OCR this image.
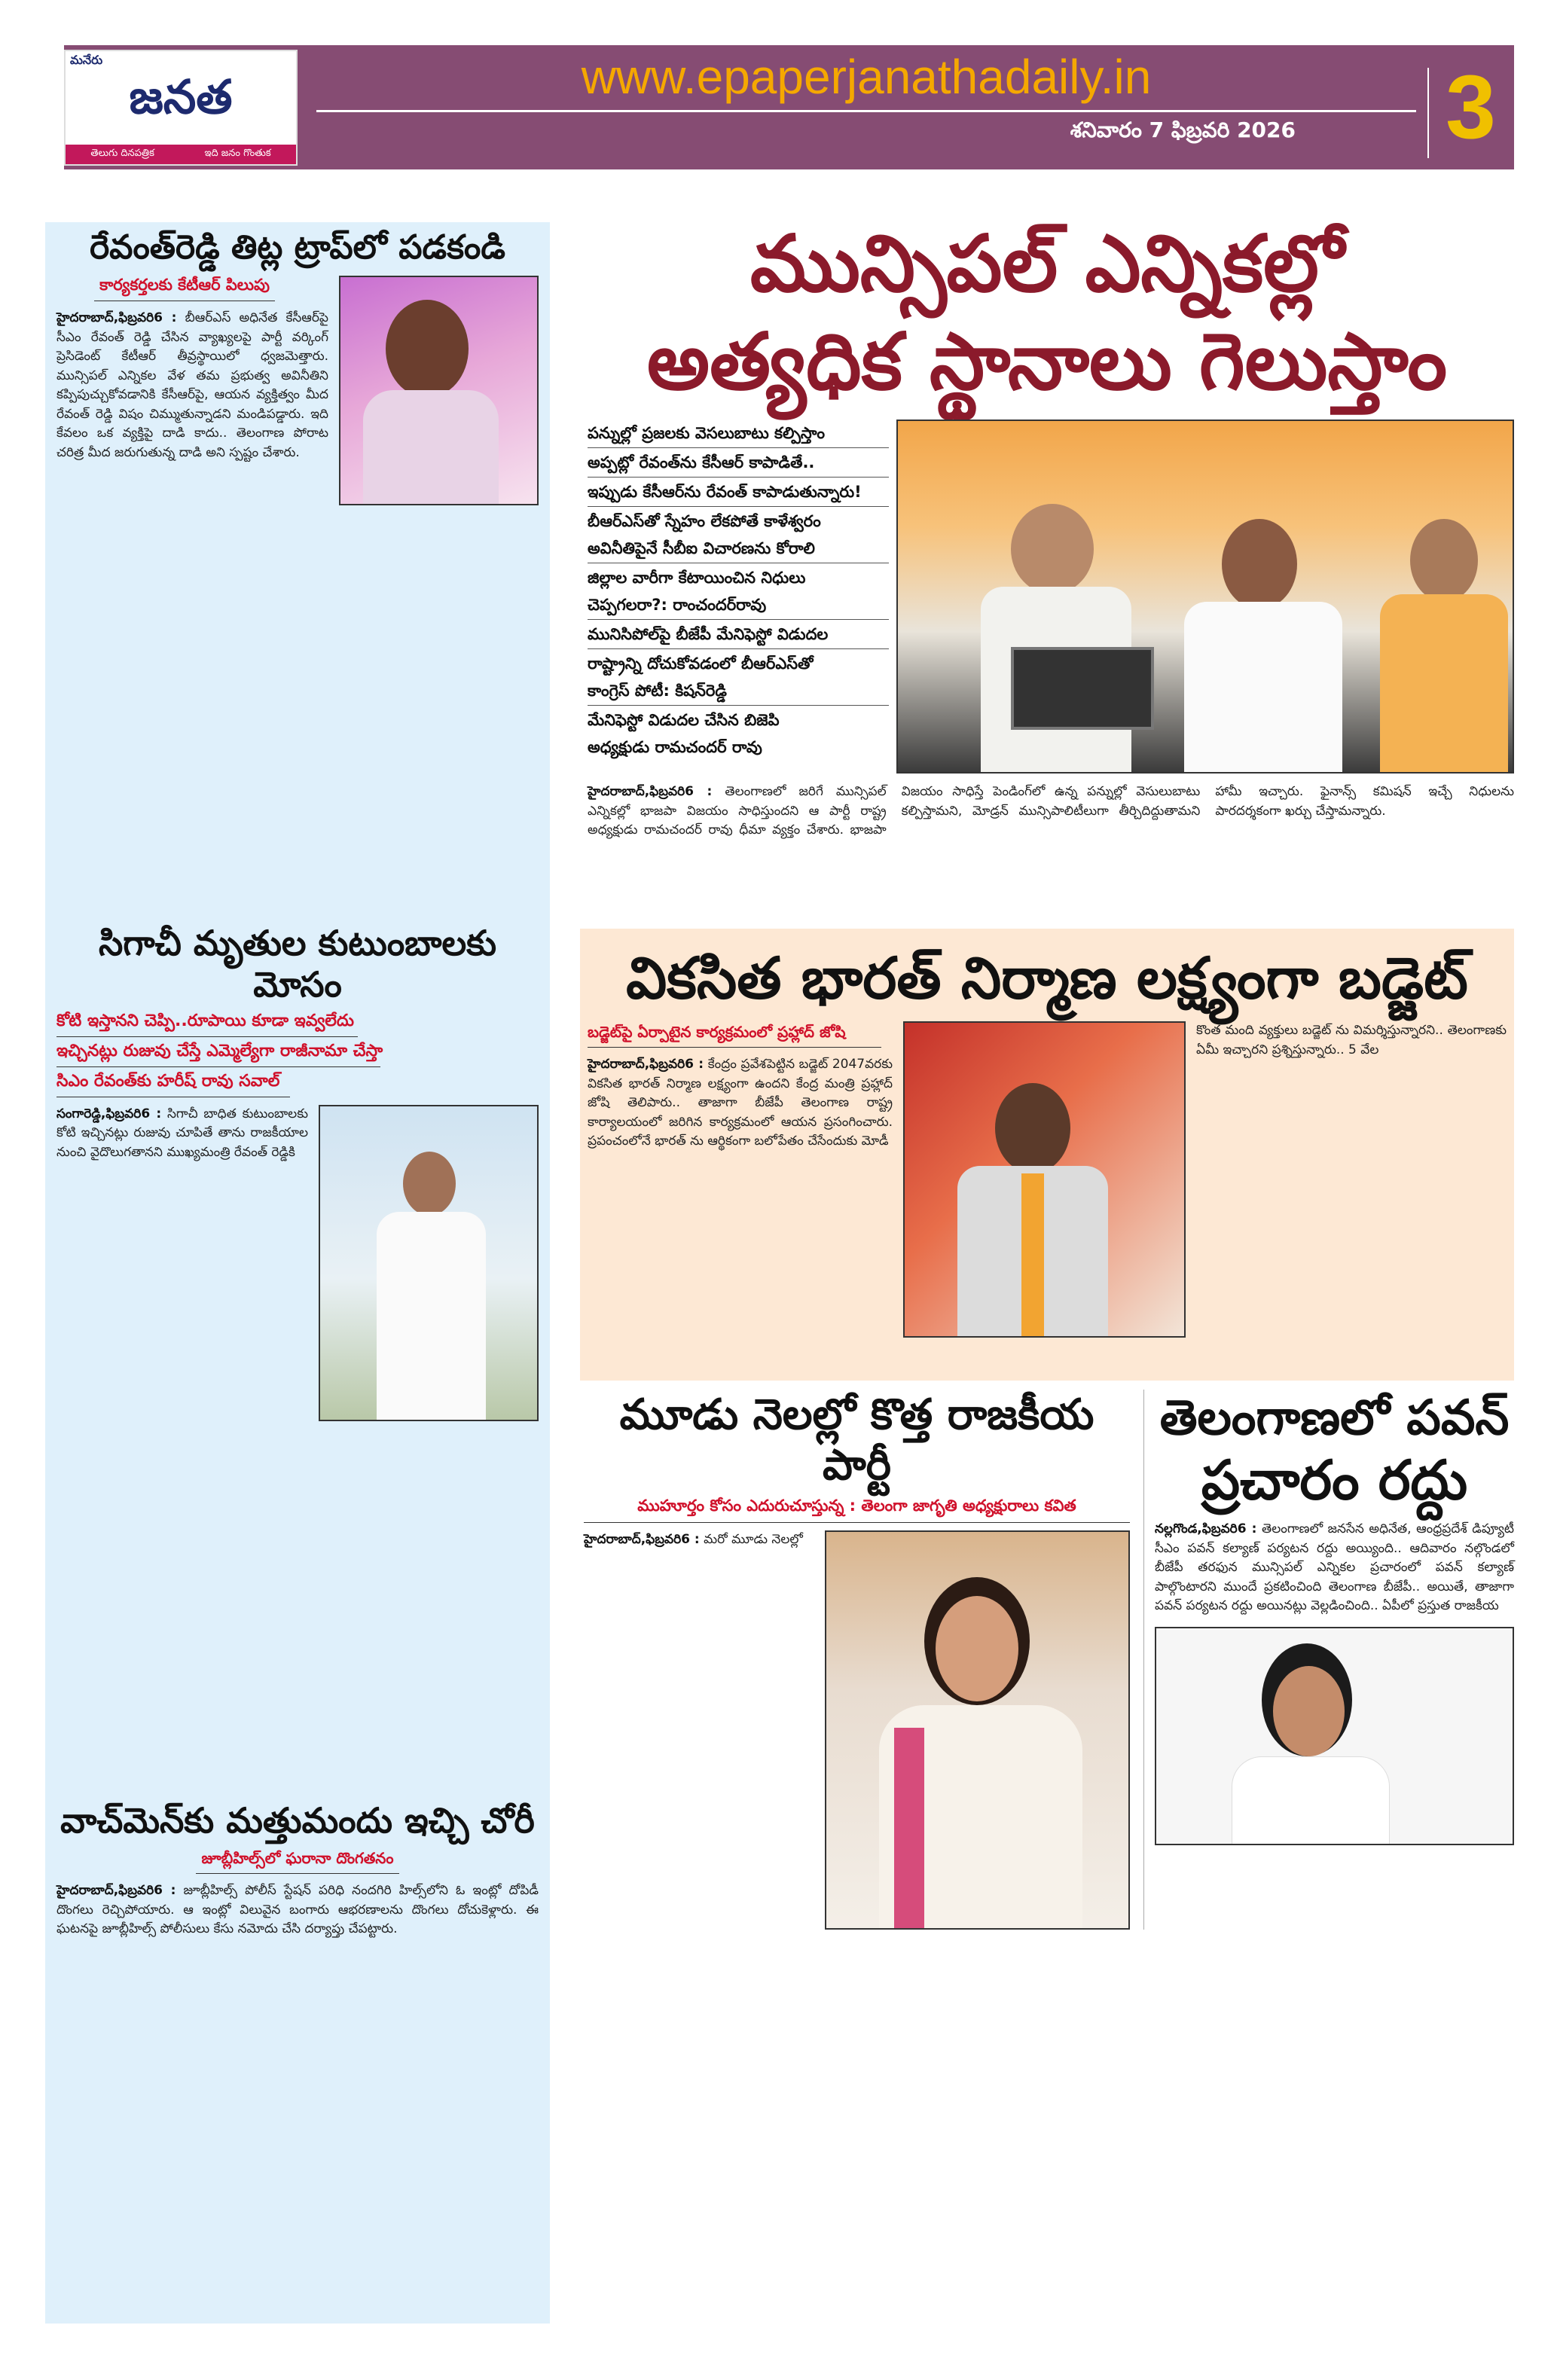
మనేరు
జనత
తెలుగు దినపత్రిక	ఇది జనం గొంతుక
www.epaperjanathadaily.in
శనివారం 7 ఫిబ్రవరి 2026	3
రేవంత్‌రెడ్డి తిట్ల ట్రాప్‌లో పడకండి
కార్యకర్తలకు కేటీఆర్ పిలుపు
హైదరాబాద్,ఫిబ్రవరి6 : బీఆర్‌ఎస్ అధినేత కేసీఆర్‌పై సీఎం రేవంత్ రెడ్డి చేసిన వ్యాఖ్యలపై పార్టీ వర్కింగ్ ప్రెసిడెంట్ కేటీఆర్ తీవ్రస్థాయిలో ధ్వజమెత్తారు. మున్సిపల్ ఎన్నికల వేళ తమ ప్రభుత్వ అవినీతిని కప్పిపుచ్చుకోవడానికి కేసీఆర్‌పై, ఆయన వ్యక్తిత్వం మీద రేవంత్ రెడ్డి విషం చిమ్ముతున్నాడని మండిపడ్డారు. ఇది కేవలం ఒక వ్యక్తిపై దాడి కాదు.. తెలంగాణ పోరాట చరిత్ర మీద జరుగుతున్న దాడి అని స్పష్టం చేశారు.
సిగాచీ మృతుల కుటుంబాలకు మోసం
కోటి ఇస్తానని చెప్పి..రూపాయి కూడా ఇవ్వలేదు
ఇచ్చినట్లు రుజువు చేస్తే ఎమ్మెల్యేగా రాజీనామా చేస్తా
సిఎం రేవంత్‌కు హరీష్ రావు సవాల్
సంగారెడ్డి,ఫిబ్రవరి6 : సిగాచీ బాధిత కుటుంబాలకు కోటి ఇచ్చినట్లు రుజువు చూపితే తాను రాజకీయాల నుంచి వైదొలుగతానని ముఖ్యమంత్రి రేవంత్ రెడ్డికి
వాచ్‌మెన్‌కు మత్తుమందు ఇచ్చి చోరీ
జూబ్లీహిల్స్‌లో ఘరానా దొంగతనం
హైదరాబాద్,ఫిబ్రవరి6 : జూబ్లీహిల్స్ పోలీస్ స్టేషన్ పరిధి నందగిరి హిల్స్‌లోని ఓ ఇంట్లో దోపిడీ దొంగలు రెచ్చిపోయారు. ఆ ఇంట్లో విలువైన బంగారు ఆభరణాలను దొంగలు దోచుకెళ్లారు. ఈ ఘటనపై జూబ్లీహిల్స్ పోలీసులు కేసు నమోదు చేసి దర్యాప్తు చేపట్టారు.
మున్సిపల్ ఎన్నికల్లో
అత్యధిక స్థానాలు గెలుస్తాం
పన్నుల్లో ప్రజలకు వెసలుబాటు కల్పిస్తాం

అప్పట్లో రేవంత్‌ను కేసీఆర్ కాపాడితే..

ఇప్పుడు కేసీఆర్‌ను రేవంత్ కాపాడుతున్నారు!

బీఆర్‌ఎస్‌తో స్నేహం లేకపోతే కాళేశ్వరం
అవినీతిపైనే సీబీఐ విచారణను కోరాలి

జిల్లాల వారీగా కేటాయించిన నిధులు
చెప్పగలరా?: రాంచందర్‌రావు

మునిసిపోల్‌పై బీజేపీ మేనిఫెస్టో విడుదల

రాష్ట్రాన్ని దోచుకోవడంలో బీఆర్‌ఎస్‌తో
కాంగ్రెస్ పోటీ: కిషన్‌రెడ్డి

మేనిఫెస్టో విడుదల చేసిన బిజెపి
అధ్యక్షుడు రామచందర్ రావు
హైదరాబాద్,ఫిబ్రవరి6 : తెలంగాణలో జరిగే మున్సిపల్ ఎన్నికల్లో భాజపా విజయం సాధిస్తుందని ఆ పార్టీ రాష్ట్ర అధ్యక్షుడు రామచందర్ రావు ధీమా వ్యక్తం చేశారు. భాజపా విజయం సాధిస్తే పెండింగ్‌లో ఉన్న పన్నుల్లో వెసులుబాటు కల్పిస్తామని, మోడ్రన్ మున్సిపాలిటీలుగా తీర్చిదిద్దుతామని హామీ ఇచ్చారు. ఫైనాన్స్ కమిషన్ ఇచ్చే నిధులను పారదర్శకంగా ఖర్చు చేస్తామన్నారు.
వికసిత భారత్ నిర్మాణ లక్ష్యంగా బడ్జెట్
బడ్జెట్‌పై ఏర్పాటైన కార్యక్రమంలో ప్రహ్లాద్ జోషి
హైదరాబాద్,ఫిబ్రవరి6 : కేంద్రం ప్రవేశపెట్టిన బడ్జెట్ 2047వరకు వికసిత భారత్ నిర్మాణ లక్ష్యంగా ఉందని కేంద్ర మంత్రి ప్రహ్లాద్ జోషి తెలిపారు.. తాజాగా బీజేపీ తెలంగాణ రాష్ట్ర కార్యాలయంలో జరిగిన కార్యక్రమంలో ఆయన ప్రసంగించారు. ప్రపంచంలోనే భారత్ ను ఆర్థికంగా బలోపేతం చేసేందుకు మోడీ
కొంత మంది వ్యక్తులు బడ్జెట్ ను విమర్శిస్తున్నారని.. తెలంగాణకు ఏమీ ఇచ్చారని ప్రశ్నిస్తున్నారు.. 5 వేల
మూడు నెలల్లో కొత్త రాజకీయ పార్టీ
ముహూర్తం కోసం ఎదురుచూస్తున్న : తెలంగా జాగృతి అధ్యక్షురాలు కవిత
హైదరాబాద్,ఫిబ్రవరి6 : మరో మూడు నెలల్లో
తెలంగాణలో పవన్
ప్రచారం రద్దు
నల్లగొండ,ఫిబ్రవరి6 : తెలంగాణలో జనసేన అధినేత, ఆంధ్రప్రదేశ్ డిప్యూటీ సీఎం పవన్ కల్యాణ్ పర్యటన రద్దు అయ్యింది.. ఆదివారం నల్గొండలో బీజేపీ తరఫున మున్సిపల్ ఎన్నికల ప్రచారంలో పవన్ కల్యాణ్ పాల్గొంటారని ముందే ప్రకటించింది తెలంగాణ బీజేపీ.. అయితే, తాజాగా పవన్ పర్యటన రద్దు అయినట్లు వెల్లడించింది.. ఏపీలో ప్రస్తుత రాజకీయ
